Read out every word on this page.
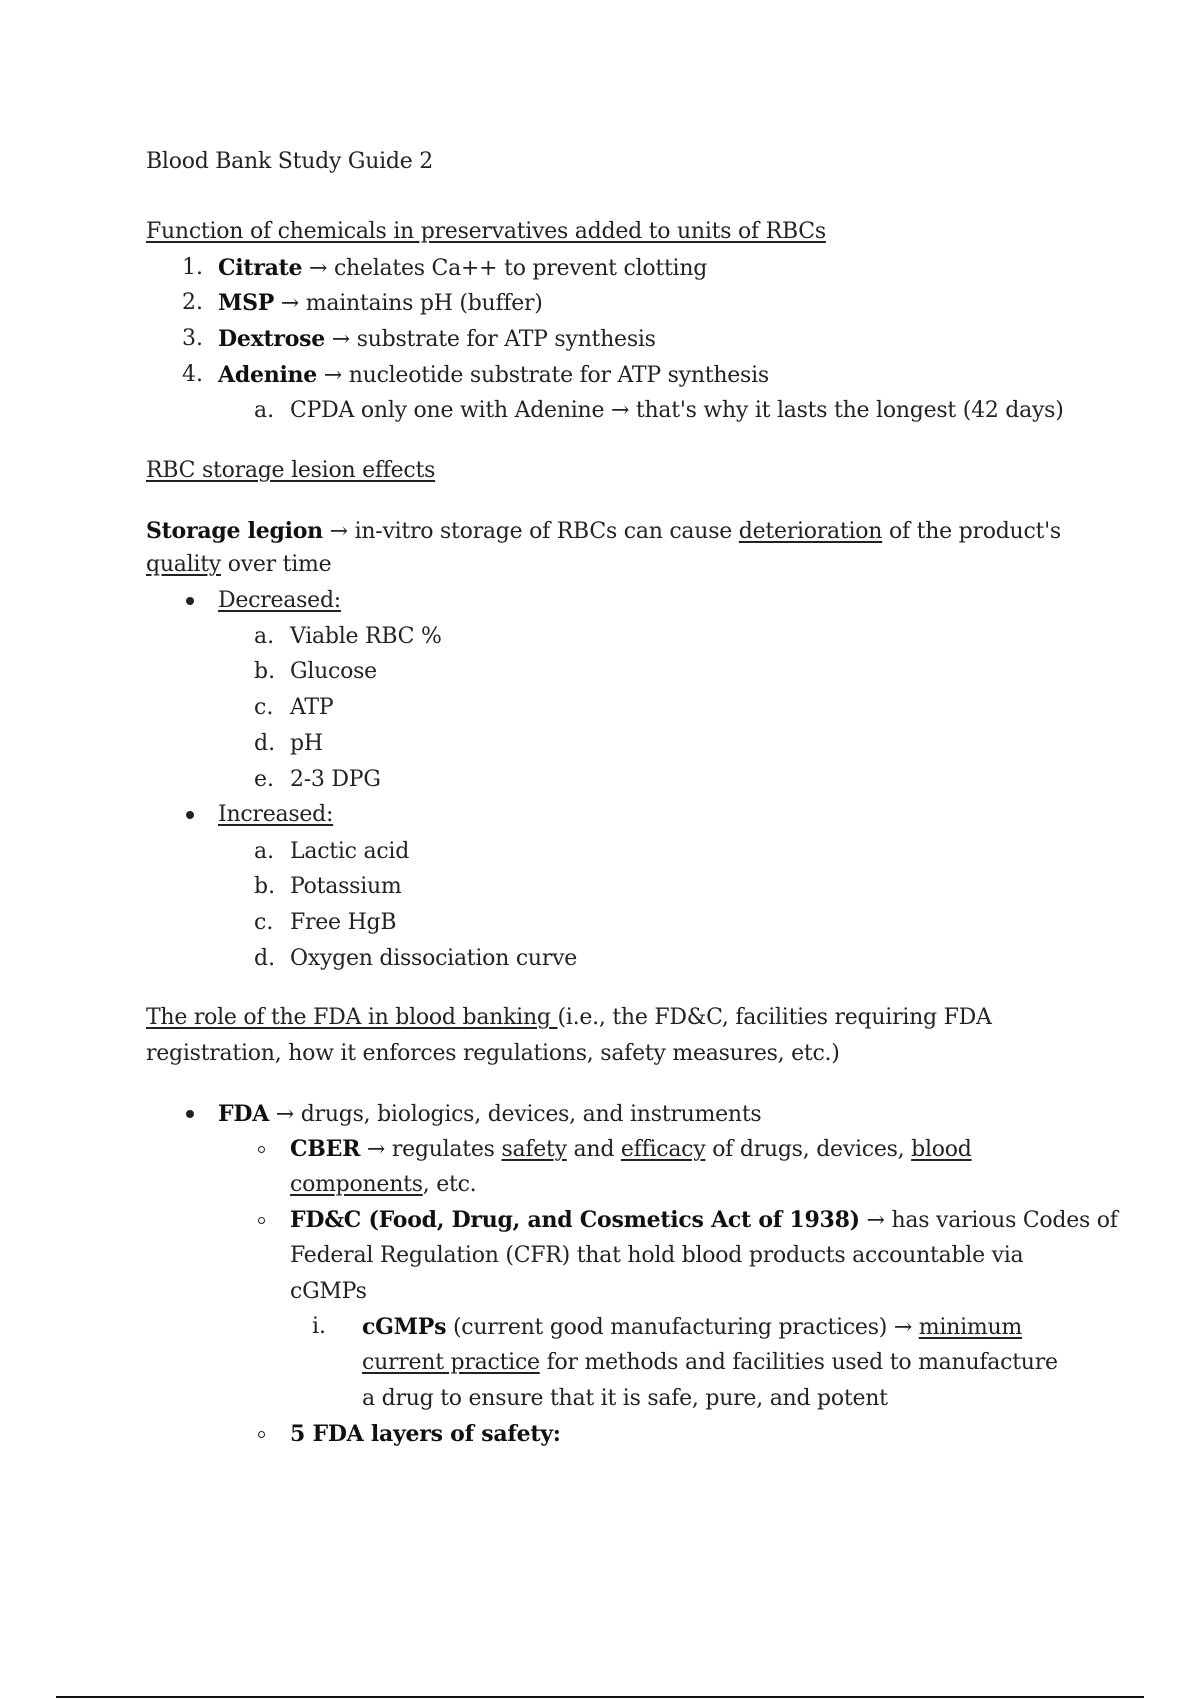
Blood Bank Study Guide 2
Function of chemicals in preservatives added to units of RBCs
1. Citrate → chelates Ca++ to prevent clotting
2. MSP → maintains pH (buffer)
3. Dextrose → substrate for ATP synthesis
4. Adenine → nucleotide substrate for ATP synthesis
a. CPDA only one with Adenine → that's why it lasts the longest (42 days)
RBC storage lesion effects
Storage legion → in-vitro storage of RBCs can cause deterioration of the product's
quality over time
Decreased:
a. Viable RBC %
b. Glucose
c. ATP
d. pH
e. 2-3 DPG
Increased:
a. Lactic acid
b. Potassium
c. Free HgB
d. Oxygen dissociation curve
The role of the FDA in blood banking (i.e., the FD&C, facilities requiring FDA
registration, how it enforces regulations, safety measures, etc.)
FDA → drugs, biologics, devices, and instruments
CBER → regulates safety and efficacy of drugs, devices, blood
components, etc.
FD&C (Food, Drug, and Cosmetics Act of 1938) → has various Codes of
Federal Regulation (CFR) that hold blood products accountable via
cGMPs
i. cGMPs (current good manufacturing practices) → minimum
current practice for methods and facilities used to manufacture
a drug to ensure that it is safe, pure, and potent
5 FDA layers of safety:
